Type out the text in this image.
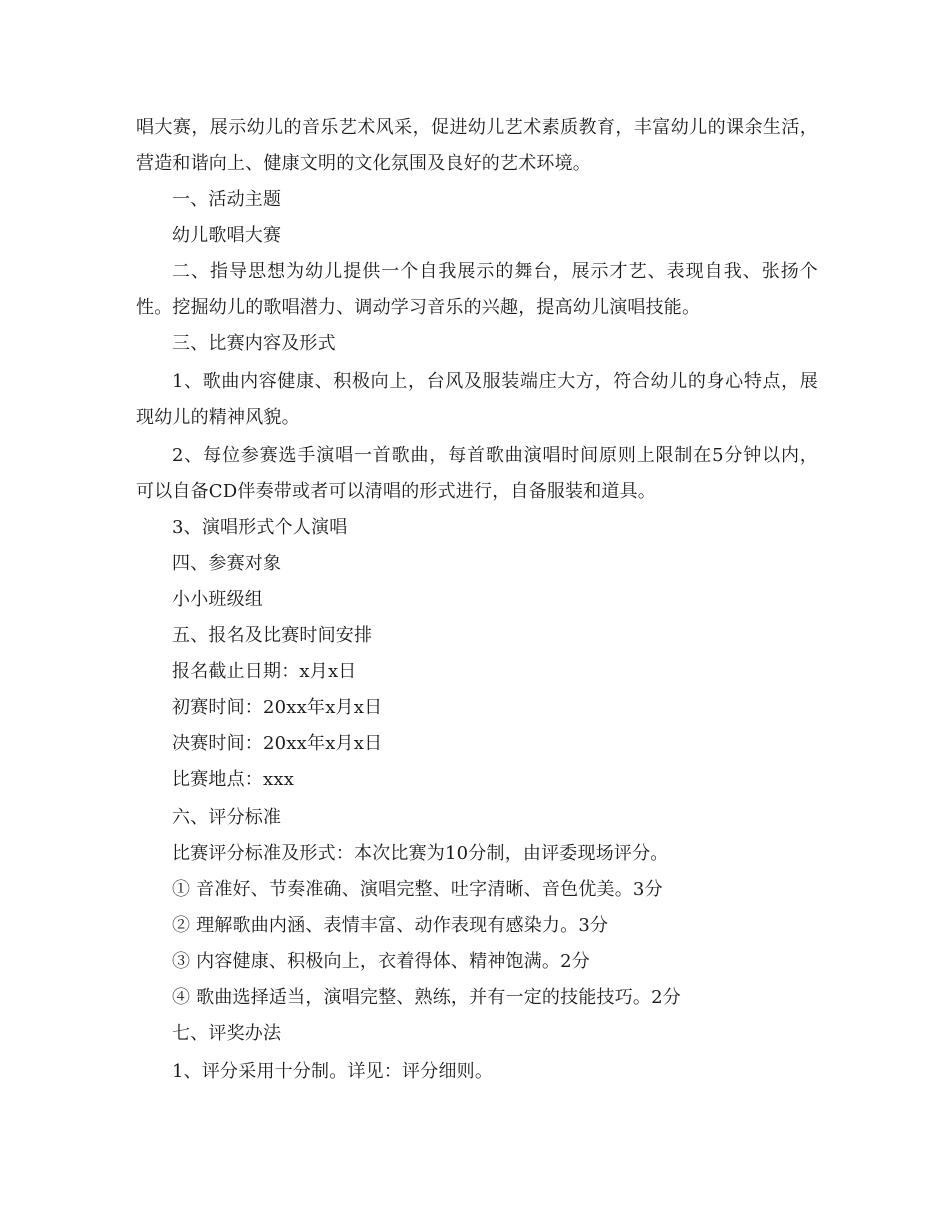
唱大赛，展示幼儿的音乐艺术风采，促进幼儿艺术素质教育，丰富幼儿的课余生活，
营造和谐向上、健康文明的文化氛围及良好的艺术环境。
一、活动主题
幼儿歌唱大赛
二、指导思想为幼儿提供一个自我展示的舞台，展示才艺、表现自我、张扬个
性。挖掘幼儿的歌唱潜力、调动学习音乐的兴趣，提高幼儿演唱技能。
三、比赛内容及形式
1、歌曲内容健康、积极向上，台风及服装端庄大方，符合幼儿的身心特点，展
现幼儿的精神风貌。
2、每位参赛选手演唱一首歌曲，每首歌曲演唱时间原则上限制在5分钟以内，
可以自备CD伴奏带或者可以清唱的形式进行，自备服装和道具。
3、演唱形式个人演唱
四、参赛对象
小小班级组
五、报名及比赛时间安排
报名截止日期：x月x日
初赛时间：20xx年x月x日
决赛时间：20xx年x月x日
比赛地点：xxx
六、评分标准
比赛评分标准及形式：本次比赛为10分制，由评委现场评分。
① 音准好、节奏准确、演唱完整、吐字清晰、音色优美。3分
② 理解歌曲内涵、表情丰富、动作表现有感染力。3分
③ 内容健康、积极向上，衣着得体、精神饱满。2分
④ 歌曲选择适当，演唱完整、熟练，并有一定的技能技巧。2分
七、评奖办法
1、评分采用十分制。详见：评分细则。
